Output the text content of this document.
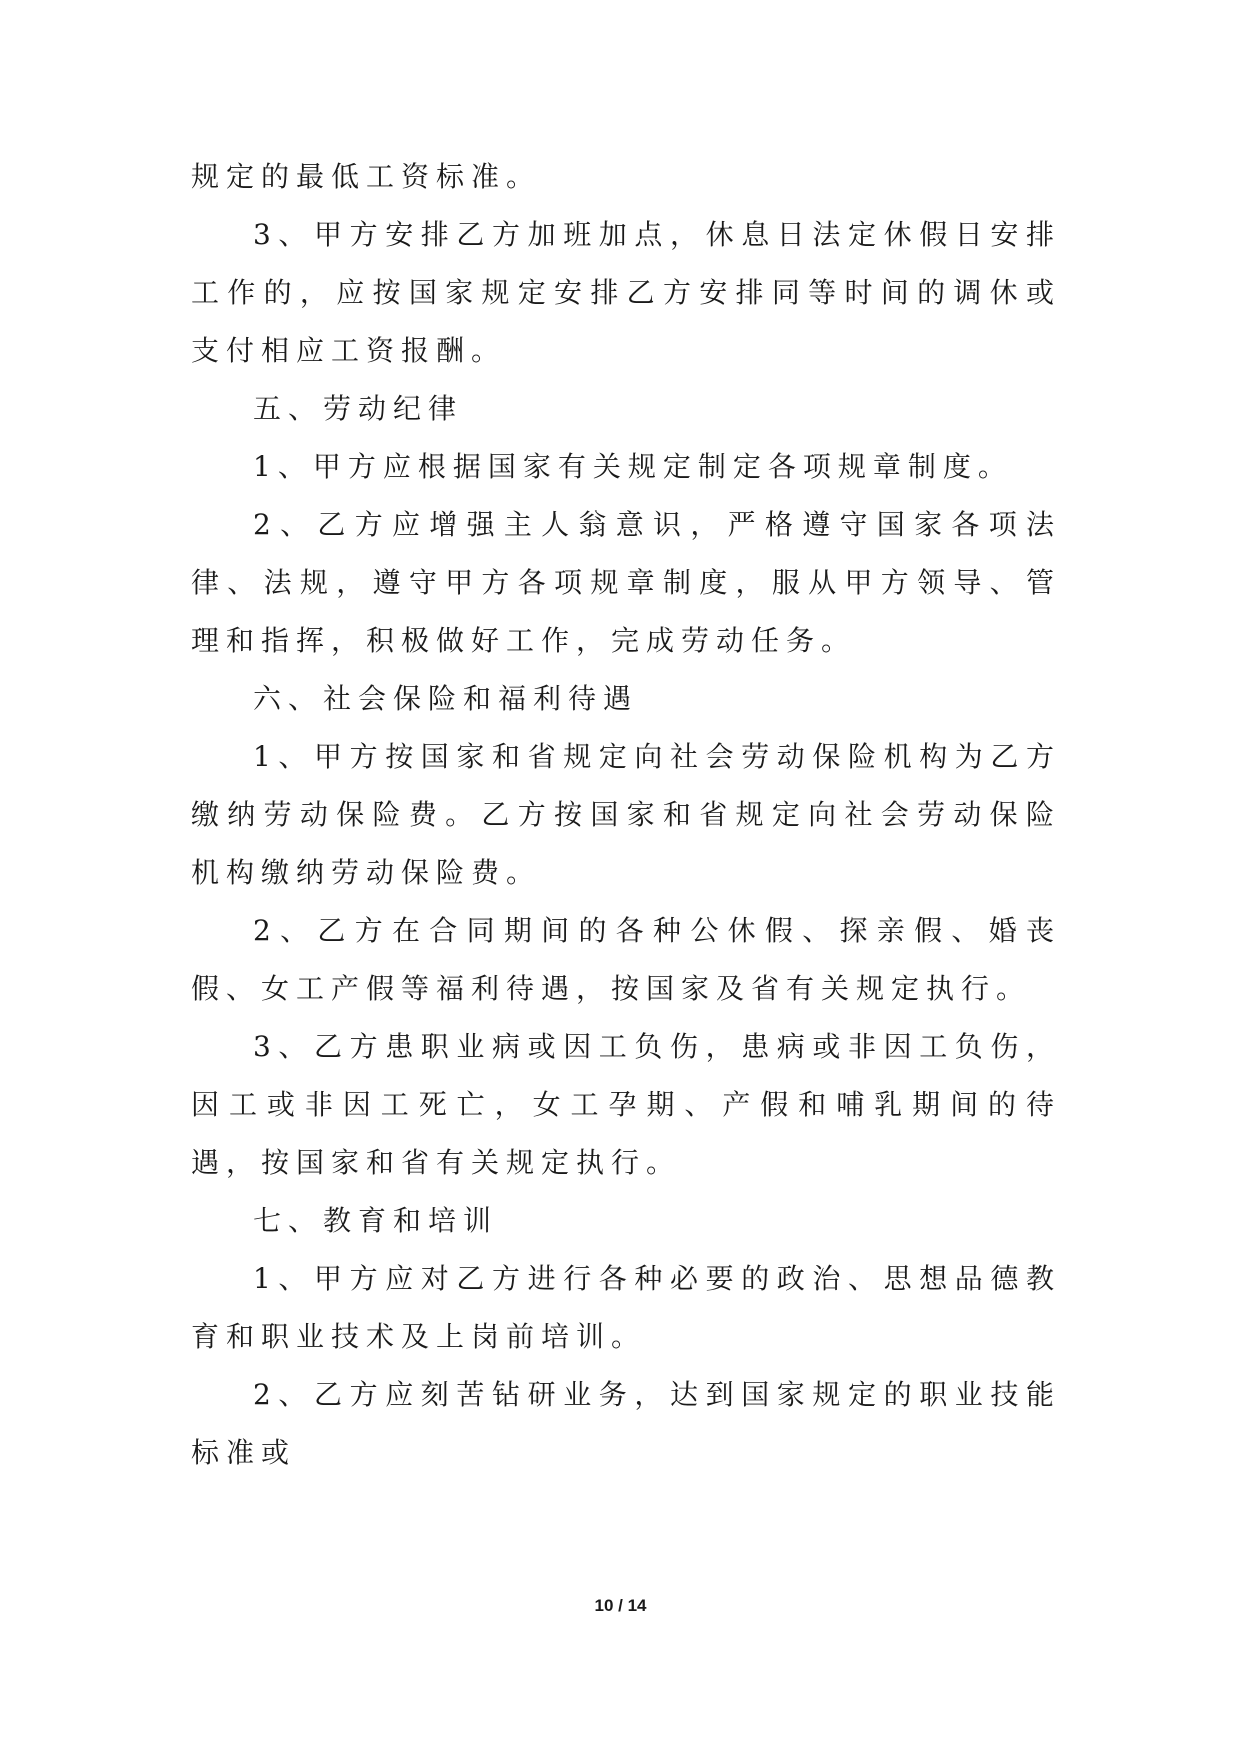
规定的最低工资标准。

3、甲方安排乙方加班加点，休息日法定休假日安排工作的，应按国家规定安排乙方安排同等时间的调休或支付相应工资报酬。

五、劳动纪律

1、甲方应根据国家有关规定制定各项规章制度。

2、乙方应增强主人翁意识，严格遵守国家各项法律、法规，遵守甲方各项规章制度，服从甲方领导、管理和指挥，积极做好工作，完成劳动任务。

六、社会保险和福利待遇

1、甲方按国家和省规定向社会劳动保险机构为乙方缴纳劳动保险费。乙方按国家和省规定向社会劳动保险机构缴纳劳动保险费。

2、乙方在合同期间的各种公休假、探亲假、婚丧假、女工产假等福利待遇，按国家及省有关规定执行。

3、乙方患职业病或因工负伤，患病或非因工负伤，因工或非因工死亡，女工孕期、产假和哺乳期间的待遇，按国家和省有关规定执行。

七、教育和培训

1、甲方应对乙方进行各种必要的政治、思想品德教育和职业技术及上岗前培训。

2、乙方应刻苦钻研业务，达到国家规定的职业技能标准或

10 / 14
